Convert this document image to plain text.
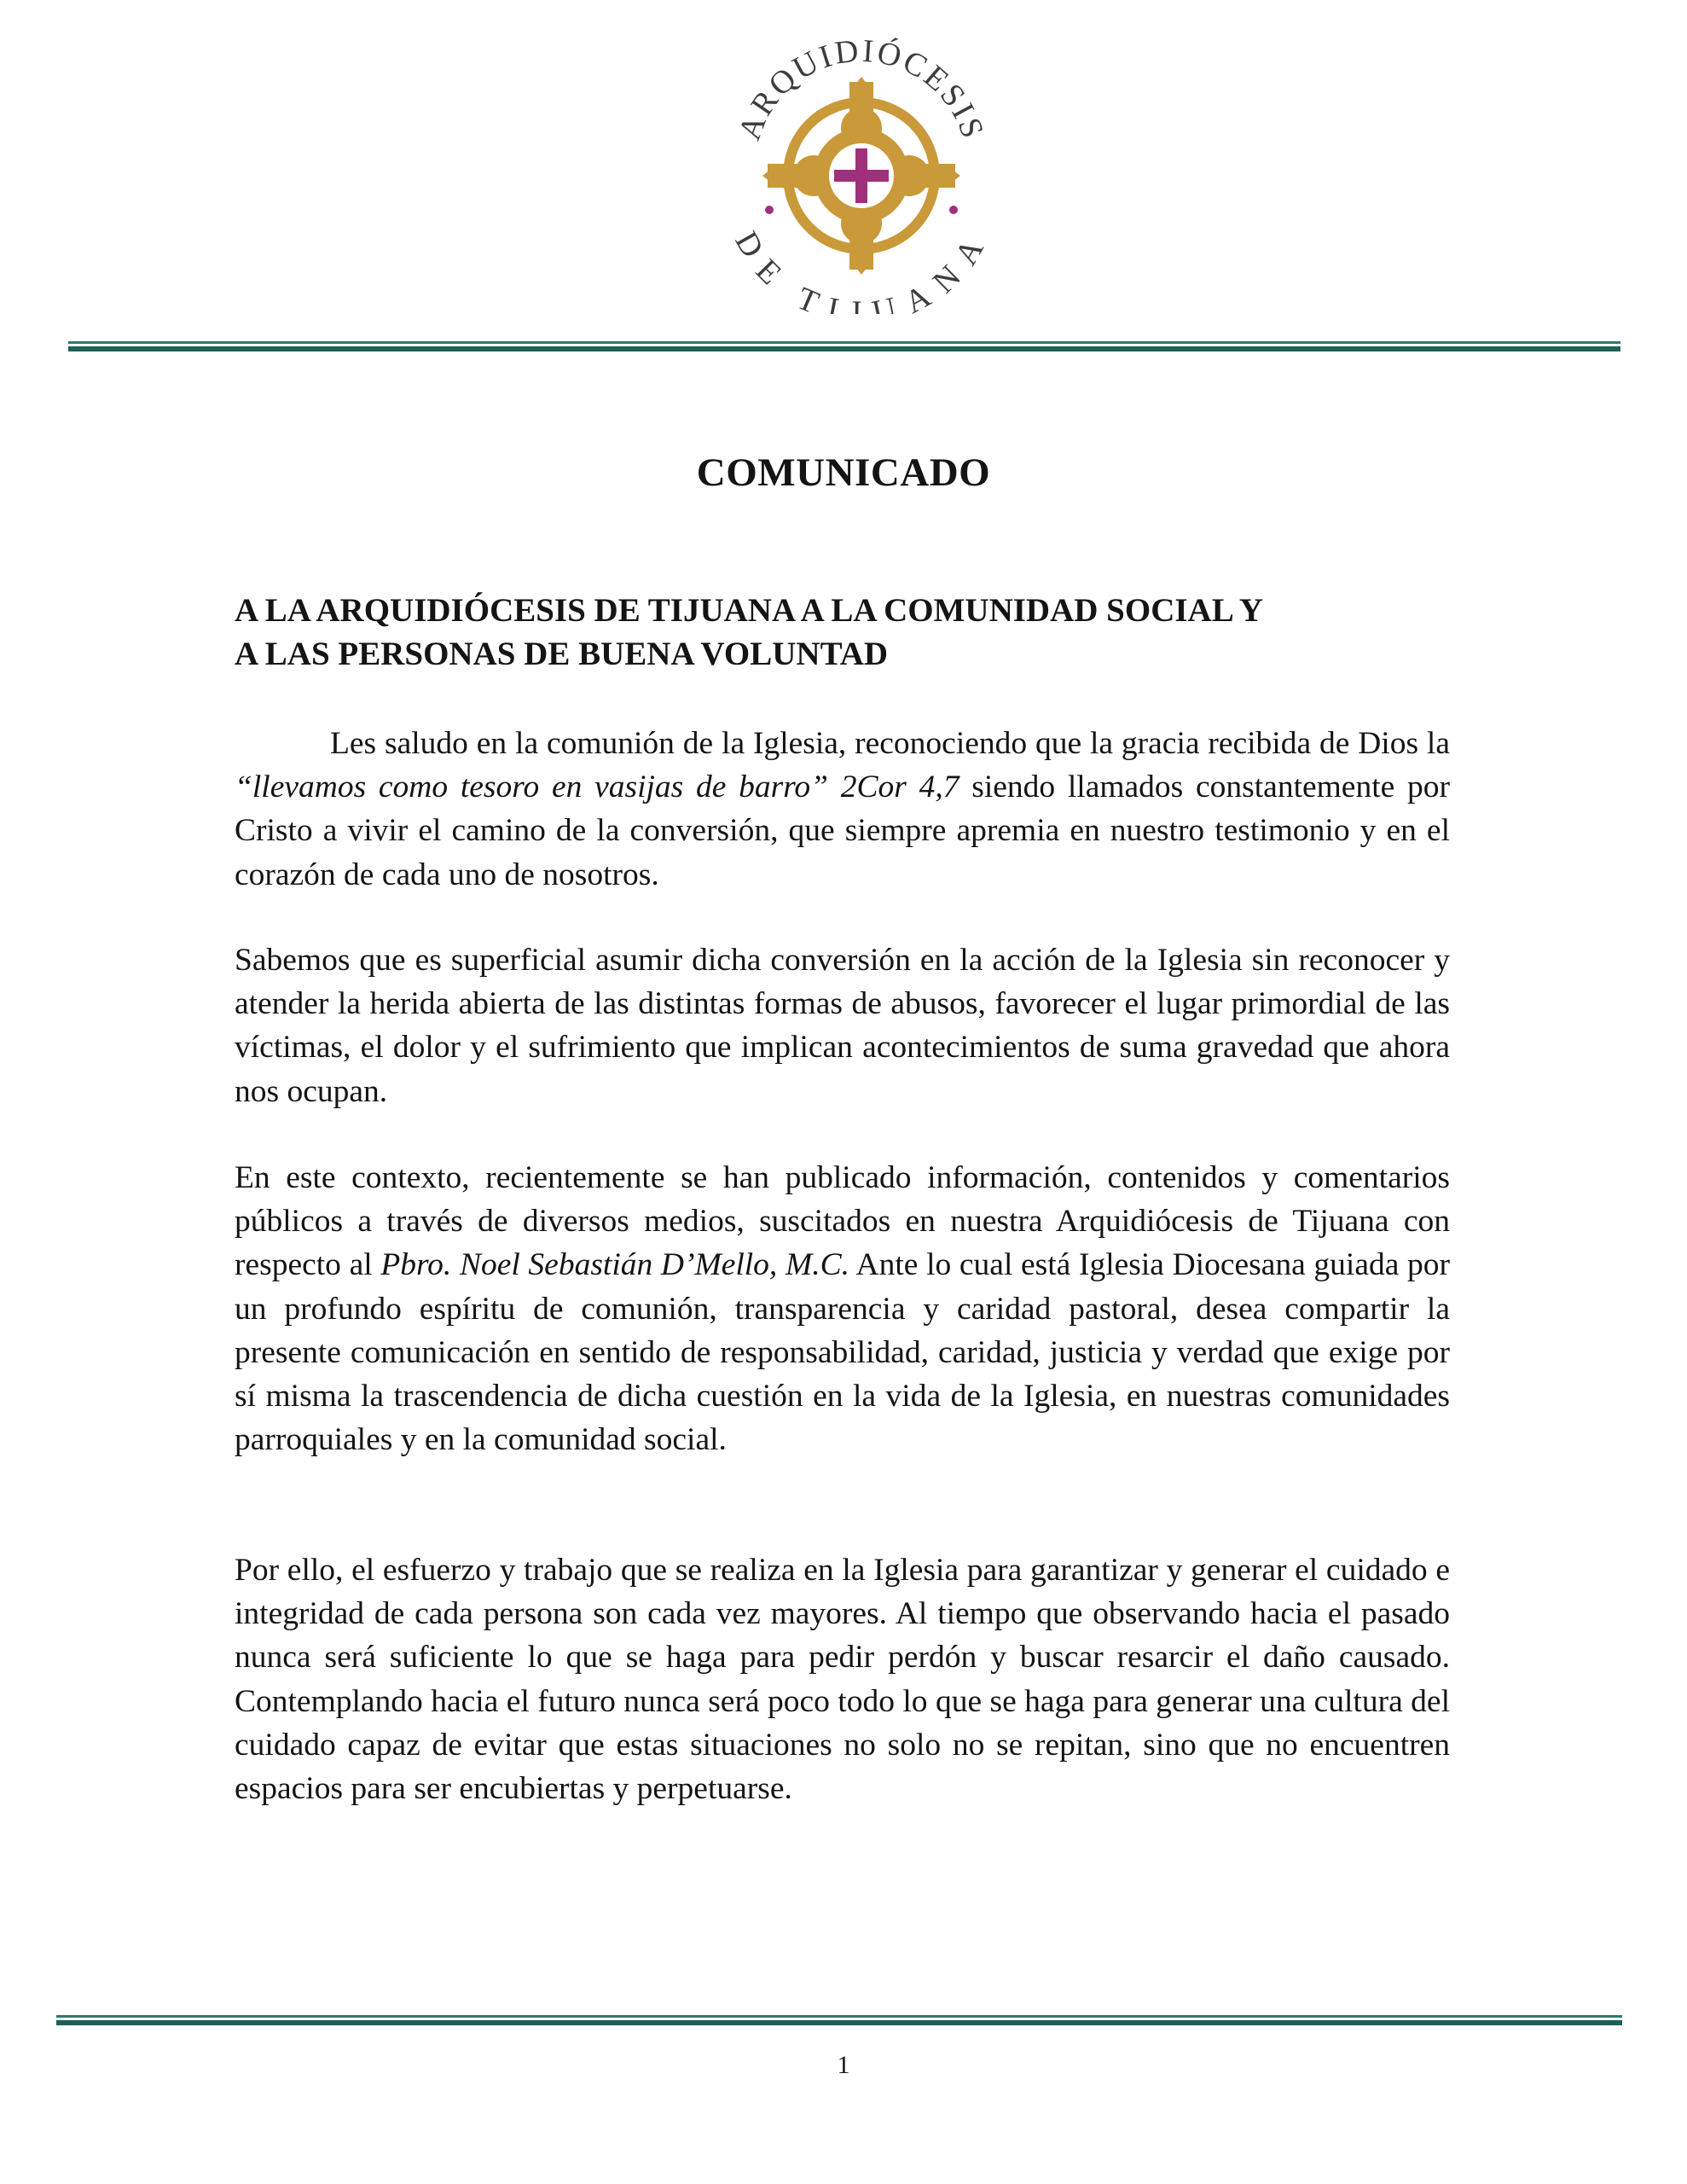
ARQUIDIÓCESIS
E TIJUAN
COMUNICADO
A LA ARQUIDIÓCESIS DE TIJUANA A LA COMUNIDAD SOCIAL Y
A LAS PERSONAS DE BUENA VOLUNTAD

Les saludo en la comunión de la Iglesia, reconociendo que la gracia recibida de Dios la “llevamos como tesoro en vasijas de barro” 2Cor 4,7 siendo llamados constantemente por Cristo a vivir el camino de la conversión, que siempre apremia en nuestro testimonio y en el corazón de cada uno de nosotros.

Sabemos que es superficial asumir dicha conversión en la acción de la Iglesia sin reconocer y atender la herida abierta de las distintas formas de abusos, favorecer el lugar primordial de las víctimas, el dolor y el sufrimiento que implican acontecimientos de suma gravedad que ahora nos ocupan.

En este contexto, recientemente se han publicado información, contenidos y comentarios públicos a través de diversos medios, suscitados en nuestra Arquidiócesis de Tijuana con respecto al Pbro. Noel Sebastián D’Mello, M.C. Ante lo cual está Iglesia Diocesana guiada por un profundo espíritu de comunión, transparencia y caridad pastoral, desea compartir la presente comunicación en sentido de responsabilidad, caridad, justicia y verdad que exige por sí misma la trascendencia de dicha cuestión en la vida de la Iglesia, en nuestras comunidades parroquiales y en la comunidad social.

Por ello, el esfuerzo y trabajo que se realiza en la Iglesia para garantizar y generar el cuidado e integridad de cada persona son cada vez mayores. Al tiempo que observando hacia el pasado nunca será suficiente lo que se haga para pedir perdón y buscar resarcir el daño causado. Contemplando hacia el futuro nunca será poco todo lo que se haga para generar una cultura del cuidado capaz de evitar que estas situaciones no solo no se repitan, sino que no encuentren espacios para ser encubiertas y perpetuarse.

1
